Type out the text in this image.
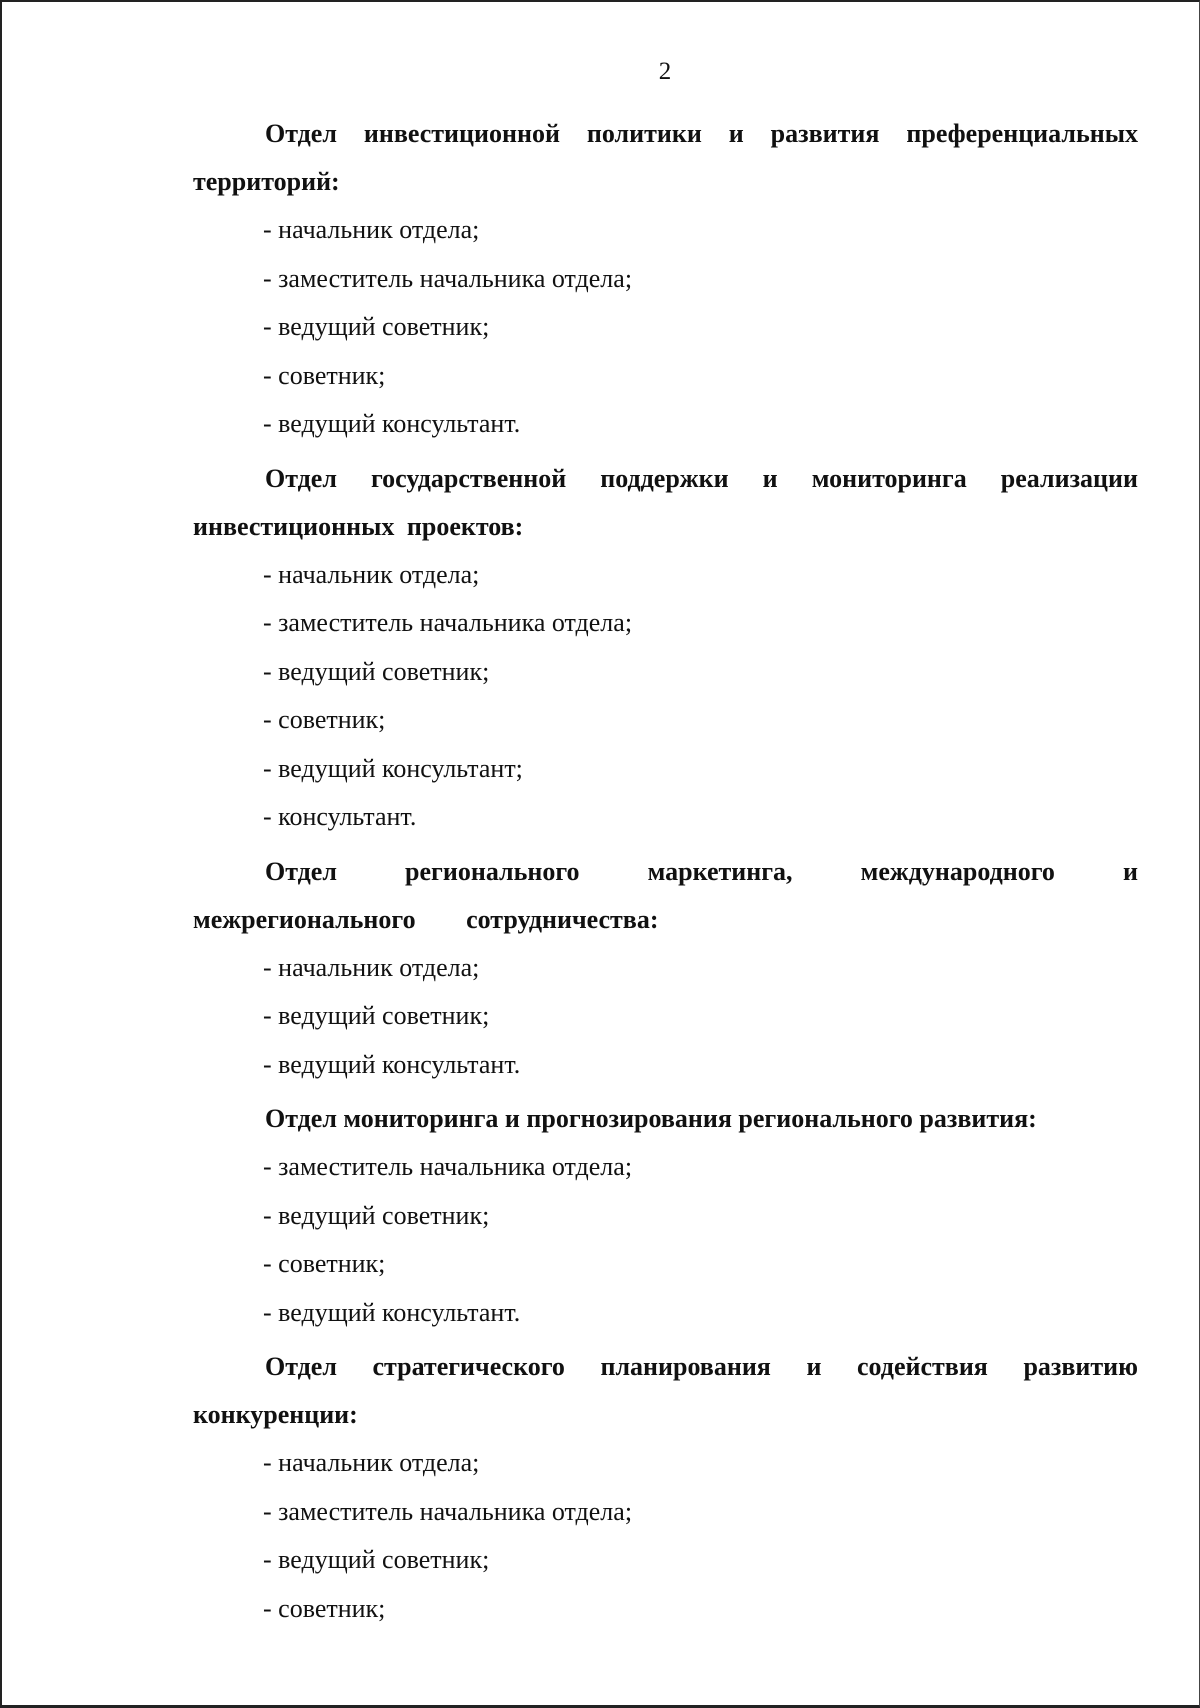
2

Отдел инвестиционной политики и развития преференциальных территорий:

- начальник отдела;
- заместитель начальника отдела;
- ведущий советник;
- советник;
- ведущий консультант.

Отдел государственной поддержки и мониторинга реализации инвестиционных проектов:

- начальник отдела;
- заместитель начальника отдела;
- ведущий советник;
- советник;
- ведущий консультант;
- консультант.

Отдел регионального маркетинга, международного и межрегионального сотрудничества:

- начальник отдела;
- ведущий советник;
- ведущий консультант.

Отдел мониторинга и прогнозирования регионального развития:

- заместитель начальника отдела;
- ведущий советник;
- советник;
- ведущий консультант.

Отдел стратегического планирования и содействия развитию конкуренции:

- начальник отдела;
- заместитель начальника отдела;
- ведущий советник;
- советник;
